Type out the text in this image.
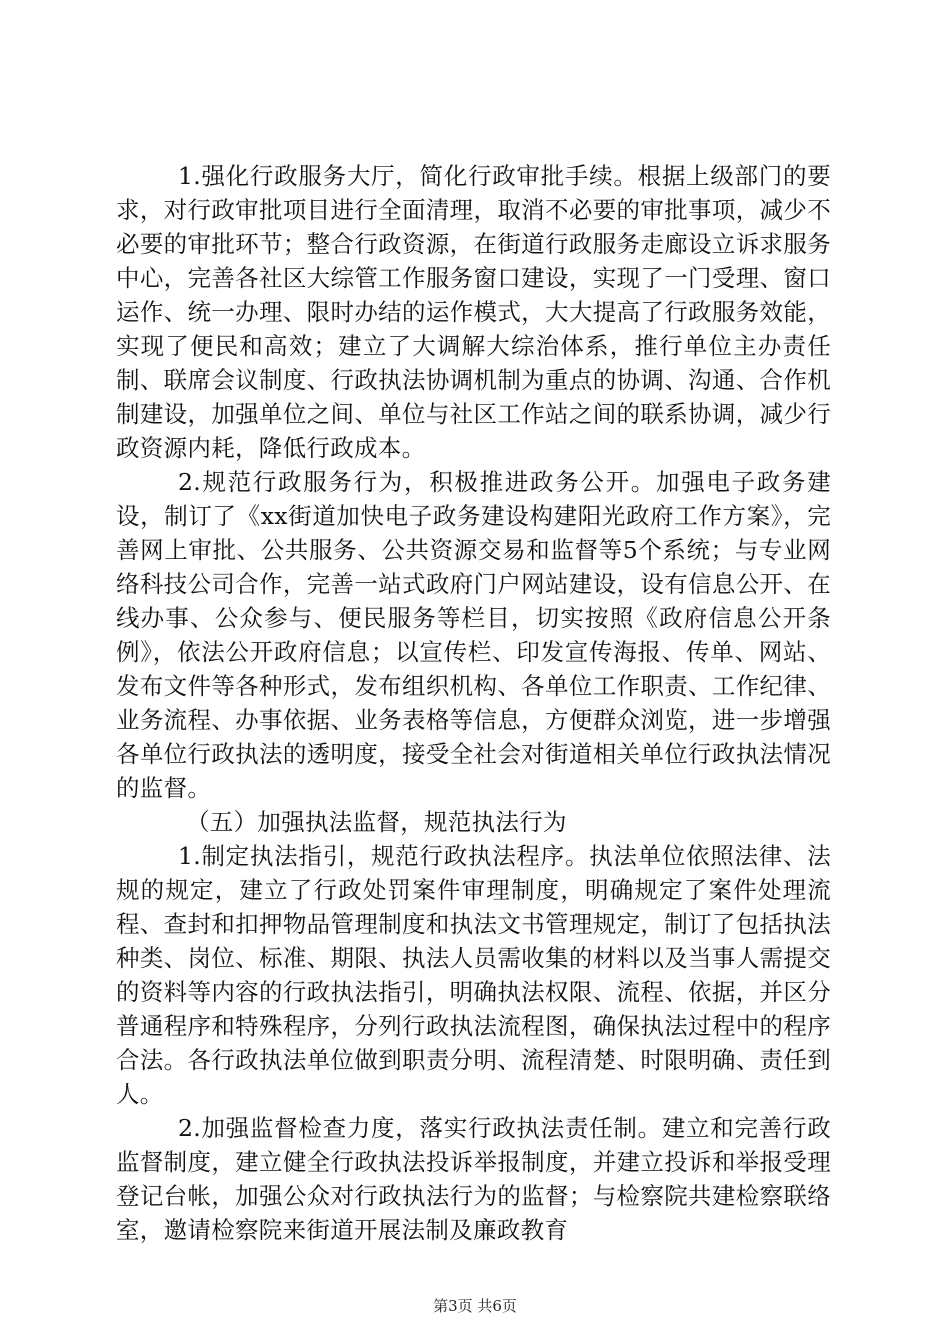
1.强化行政服务大厅，简化行政审批手续。根据上级部门的要求，对行政审批项目进行全面清理，取消不必要的审批事项，减少不必要的审批环节；整合行政资源，在街道行政服务走廊设立诉求服务中心，完善各社区大综管工作服务窗口建设，实现了一门受理、窗口运作、统一办理、限时办结的运作模式，大大提高了行政服务效能，实现了便民和高效；建立了大调解大综治体系，推行单位主办责任制、联席会议制度、行政执法协调机制为重点的协调、沟通、合作机制建设，加强单位之间、单位与社区工作站之间的联系协调，减少行政资源内耗，降低行政成本。

2.规范行政服务行为，积极推进政务公开。加强电子政务建设，制订了《xx街道加快电子政务建设构建阳光政府工作方案》，完善网上审批、公共服务、公共资源交易和监督等5个系统；与专业网络科技公司合作，完善一站式政府门户网站建设，设有信息公开、在线办事、公众参与、便民服务等栏目，切实按照《政府信息公开条例》，依法公开政府信息；以宣传栏、印发宣传海报、传单、网站、发布文件等各种形式，发布组织机构、各单位工作职责、工作纪律、业务流程、办事依据、业务表格等信息，方便群众浏览，进一步增强各单位行政执法的透明度，接受全社会对街道相关单位行政执法情况的监督。

（五）加强执法监督，规范执法行为

1.制定执法指引，规范行政执法程序。执法单位依照法律、法规的规定，建立了行政处罚案件审理制度，明确规定了案件处理流程、查封和扣押物品管理制度和执法文书管理规定，制订了包括执法种类、岗位、标准、期限、执法人员需收集的材料以及当事人需提交的资料等内容的行政执法指引，明确执法权限、流程、依据，并区分普通程序和特殊程序，分列行政执法流程图，确保执法过程中的程序合法。各行政执法单位做到职责分明、流程清楚、时限明确、责任到人。

2.加强监督检查力度，落实行政执法责任制。建立和完善行政监督制度，建立健全行政执法投诉举报制度，并建立投诉和举报受理登记台帐，加强公众对行政执法行为的监督；与检察院共建检察联络室，邀请检察院来街道开展法制及廉政教育

第3页 共6页
